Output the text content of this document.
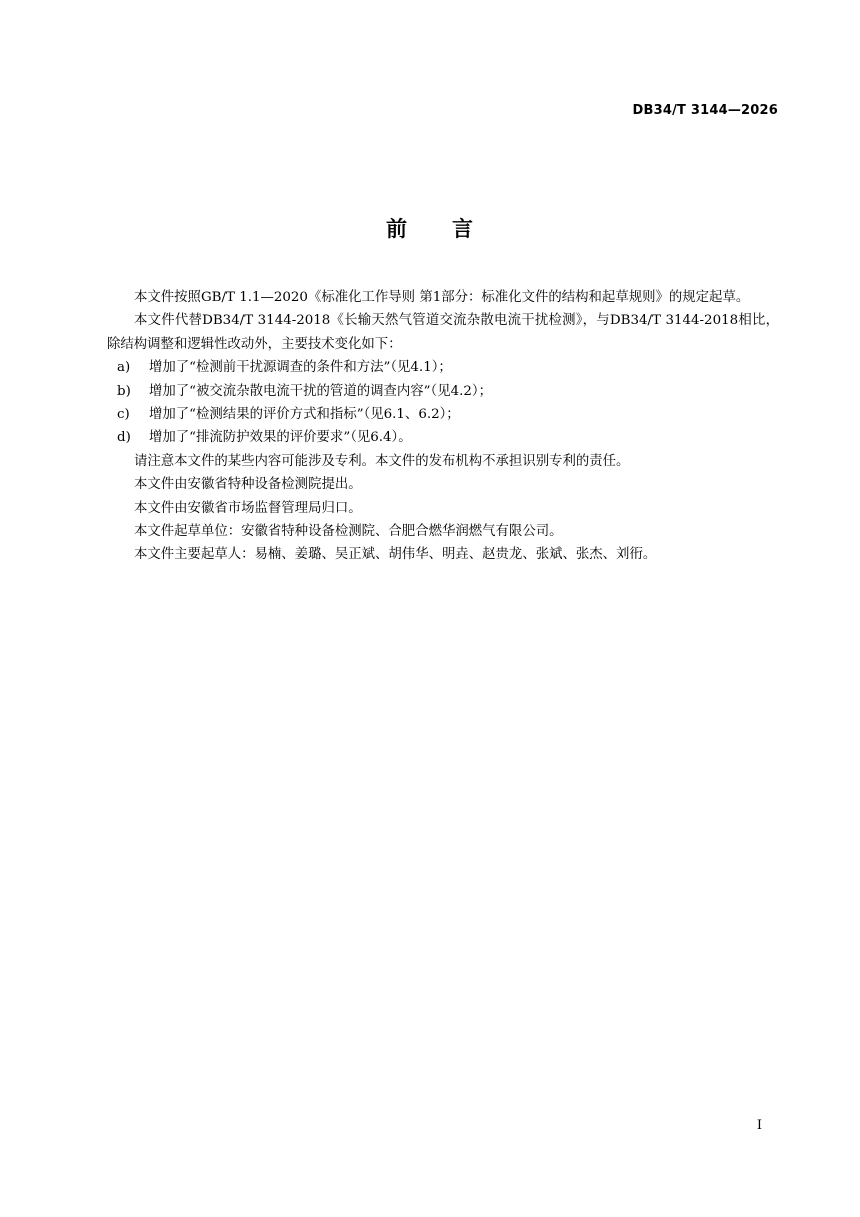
DB34/T 3144—2026
前 言

本文件按照GB/T 1.1—2020《标准化工作导则 第1部分：标准化文件的结构和起草规则》的规定起草。

本文件代替DB34/T 3144-2018《长输天然气管道交流杂散电流干扰检测》，与DB34/T 3144-2018相比，除结构调整和逻辑性改动外，主要技术变化如下：

a) 增加了“检测前干扰源调查的条件和方法”（见4.1）；
b) 增加了“被交流杂散电流干扰的管道的调查内容”（见4.2）；
c) 增加了“检测结果的评价方式和指标”（见6.1、6.2）；
d) 增加了“排流防护效果的评价要求”（见6.4）。

请注意本文件的某些内容可能涉及专利。本文件的发布机构不承担识别专利的责任。

本文件由安徽省特种设备检测院提出。

本文件由安徽省市场监督管理局归口。

本文件起草单位：安徽省特种设备检测院、合肥合燃华润燃气有限公司。

本文件主要起草人：易楠、姜璐、吴正斌、胡伟华、明垚、赵贵龙、张斌、张杰、刘衎。

I
